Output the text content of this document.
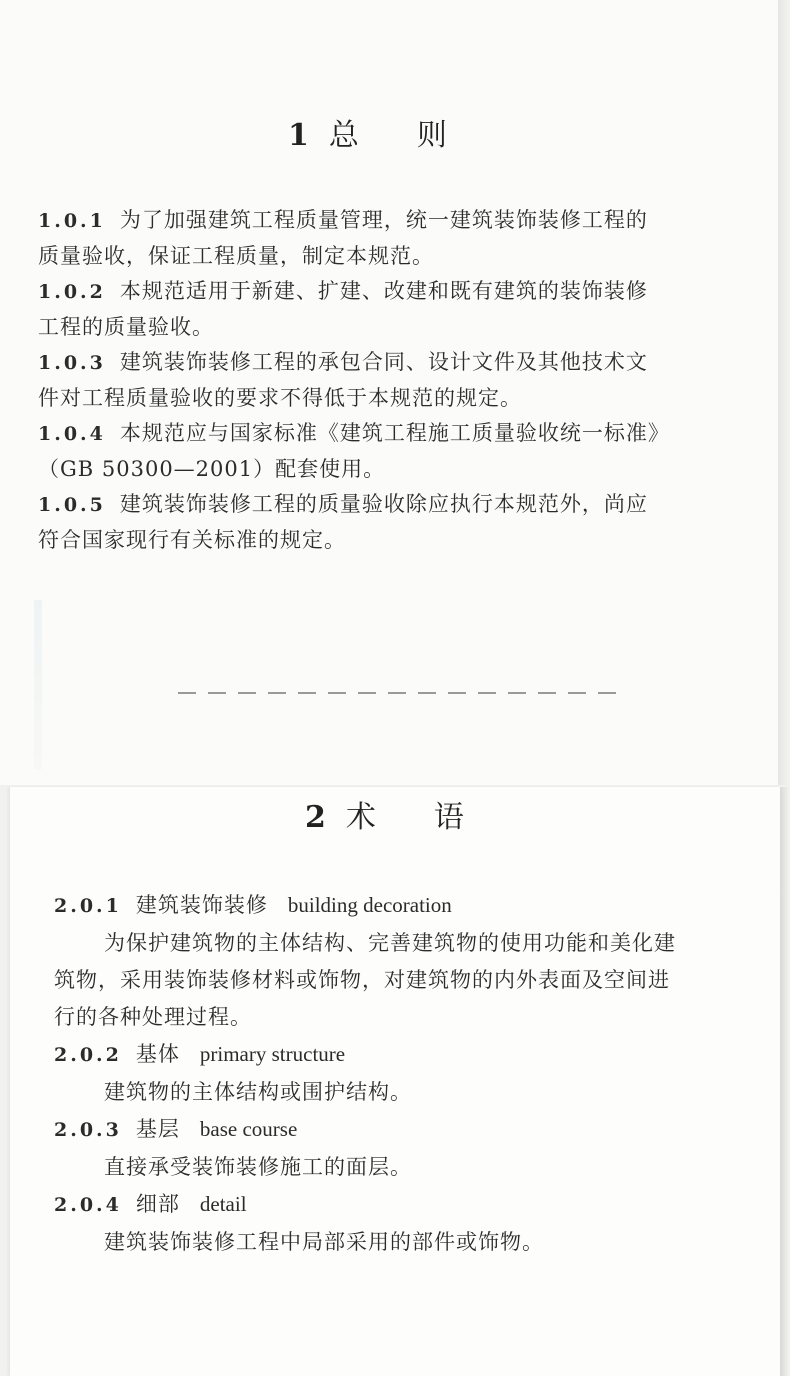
1 总 则
1.0.1 为了加强建筑工程质量管理，统一建筑装饰装修工程的
质量验收，保证工程质量，制定本规范。
1.0.2 本规范适用于新建、扩建、改建和既有建筑的装饰装修
工程的质量验收。
1.0.3 建筑装饰装修工程的承包合同、设计文件及其他技术文
件对工程质量验收的要求不得低于本规范的规定。
1.0.4 本规范应与国家标准《建筑工程施工质量验收统一标准》
（GB 50300—2001）配套使用。
1.0.5 建筑装饰装修工程的质量验收除应执行本规范外，尚应
符合国家现行有关标准的规定。
2 术 语
2.0.1 建筑装饰装修 building decoration
为保护建筑物的主体结构、完善建筑物的使用功能和美化建
筑物，采用装饰装修材料或饰物，对建筑物的内外表面及空间进
行的各种处理过程。
2.0.2 基体 primary structure
建筑物的主体结构或围护结构。
2.0.3 基层 base course
直接承受装饰装修施工的面层。
2.0.4 细部 detail
建筑装饰装修工程中局部采用的部件或饰物。
